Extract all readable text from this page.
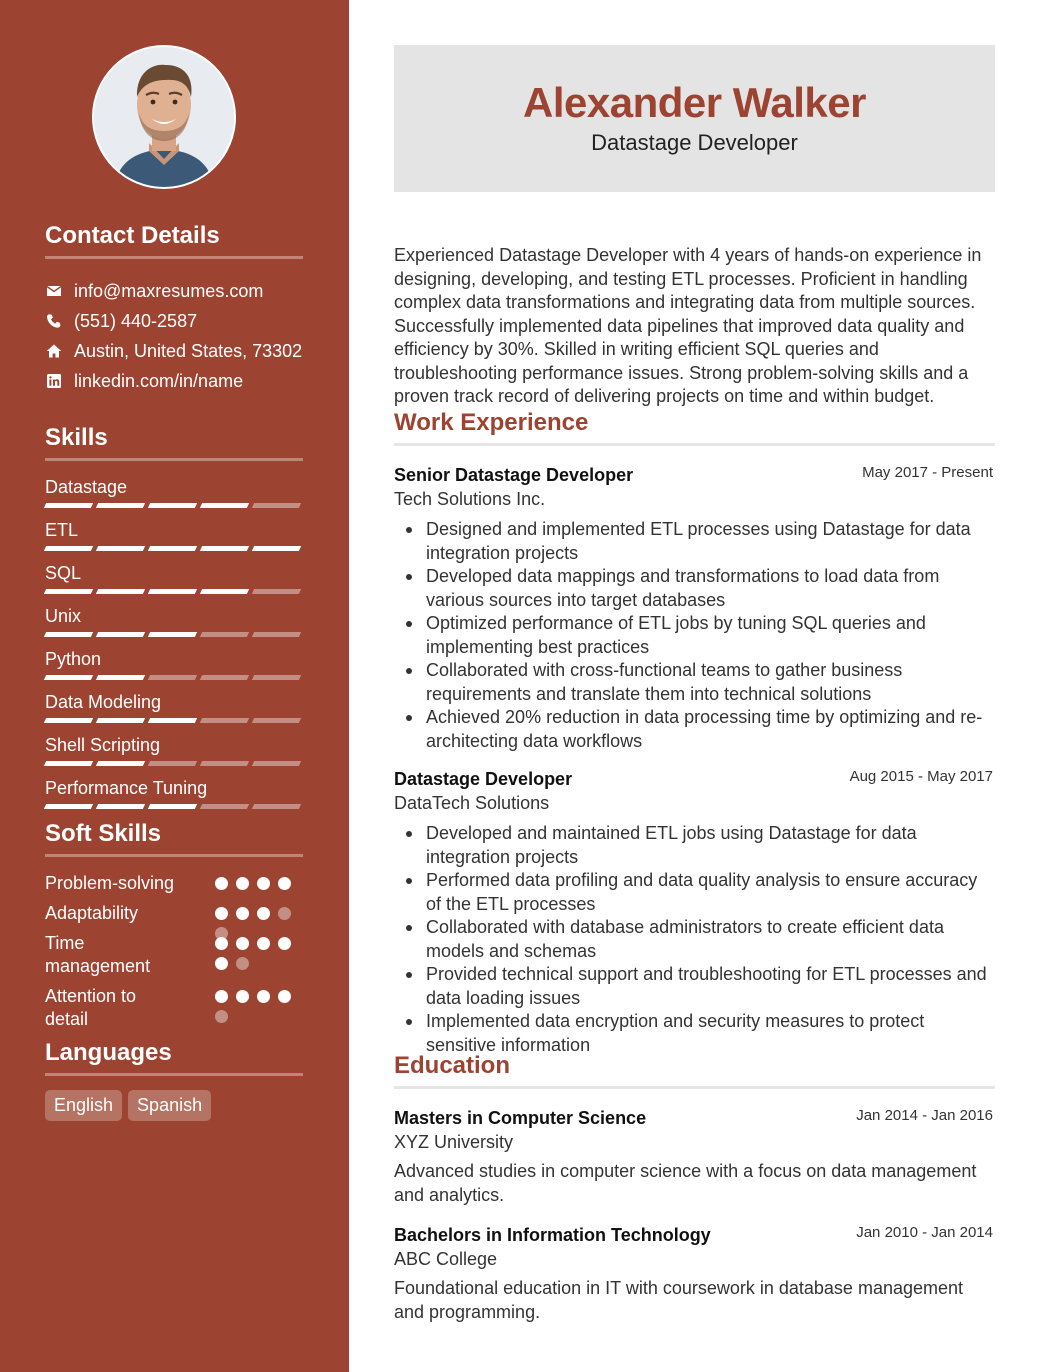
Contact Details
info@maxresumes.com
(551) 440-2587
Austin, United States, 73302
linkedin.com/in/name
Skills
Datastage
ETL
SQL
Unix
Python
Data Modeling
Shell Scripting
Performance Tuning
Soft Skills
Problem-solving
Adaptability
Time management
Attention to detail
Languages
English	Spanish
Alexander Walker
Datastage Developer

Experienced Datastage Developer with 4 years of hands-on experience in designing, developing, and testing ETL processes. Proficient in handling complex data transformations and integrating data from multiple sources. Successfully implemented data pipelines that improved data quality and efficiency by 30%. Skilled in writing efficient SQL queries and troubleshooting performance issues. Strong problem-solving skills and a proven track record of delivering projects on time and within budget.

Work Experience
Senior Datastage Developer	May 2017 - Present
Tech Solutions Inc.
Designed and implemented ETL processes using Datastage for data integration projects
Developed data mappings and transformations to load data from various sources into target databases
Optimized performance of ETL jobs by tuning SQL queries and implementing best practices
Collaborated with cross-functional teams to gather business requirements and translate them into technical solutions
Achieved 20% reduction in data processing time by optimizing and re-architecting data workflows
Datastage Developer	Aug 2015 - May 2017
DataTech Solutions
Developed and maintained ETL jobs using Datastage for data integration projects
Performed data profiling and data quality analysis to ensure accuracy of the ETL processes
Collaborated with database administrators to create efficient data models and schemas
Provided technical support and troubleshooting for ETL processes and data loading issues
Implemented data encryption and security measures to protect sensitive information
Education
Masters in Computer Science	Jan 2014 - Jan 2016
XYZ University

Advanced studies in computer science with a focus on data management and analytics.

Bachelors in Information Technology	Jan 2010 - Jan 2014
ABC College

Foundational education in IT with coursework in database management and programming.
